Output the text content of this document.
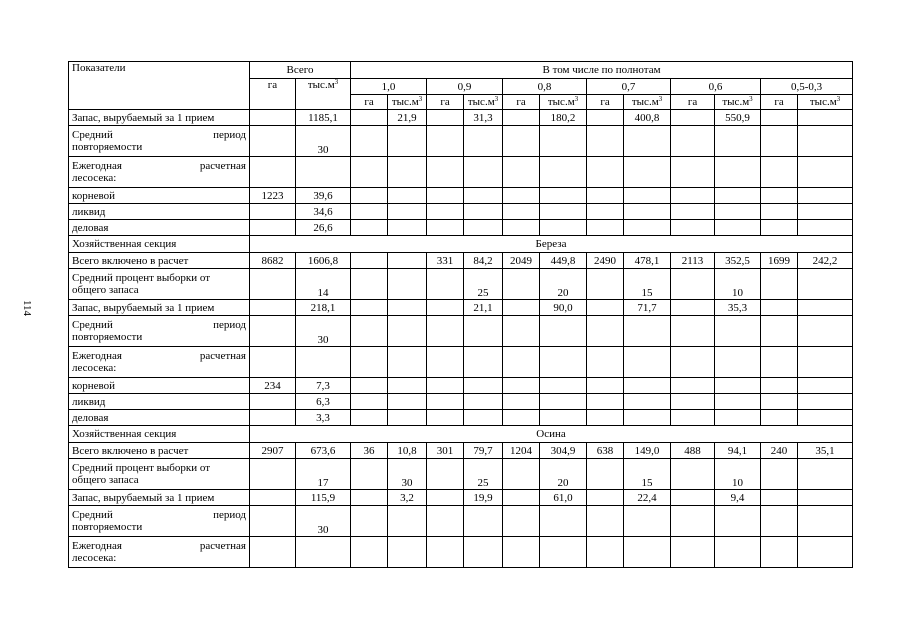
114
Показатели	Всего		В том числе по полнотам											
	га	$тыс.м^3$	1,0		0,9		0,8		0,7		0,6		0,5-0,3	
			га	$тыс.м^3$	га	$тыс.м^3$	га	$тыс.м^3$	га	$тыс.м^3$	га	$тыс.м^3$	га	$тыс.м^3$
Запас, вырубаемый за 1 прием		1185,1		21,9		31,3		180,2		400,8		550,9		

Средний период
повторяемости		30												

Ежегодная расчетная
лесосека:														

корневой	1223	39,6												
ликвид		34,6												
деловая		26,6												
Хозяйственная секция	Береза													
Всего включено в расчет	8682	1606,8			331	84,2	2049	449,8	2490	478,1	2113	352,5	1699	242,2

Средний процент выборки от
общего запаса		14				25		20		15		10		
Запас, вырубаемый за 1 прием		218,1				21,1		90,0		71,7		35,3		

Средний период
повторяемости		30												

Ежегодная расчетная
лесосека:														

корневой	234	7,3												
ликвид		6,3												
деловая		3,3												
Хозяйственная секция	Осина													
Всего включено в расчет	2907	673,6	36	10,8	301	79,7	1204	304,9	638	149,0	488	94,1	240	35,1

Средний процент выборки от
общего запаса		17		30		25		20		15		10		
Запас, вырубаемый за 1 прием		115,9		3,2		19,9		61,0		22,4		9,4		

Средний период
повторяемости		30												

Ежегодная расчетная
лесосека:														
